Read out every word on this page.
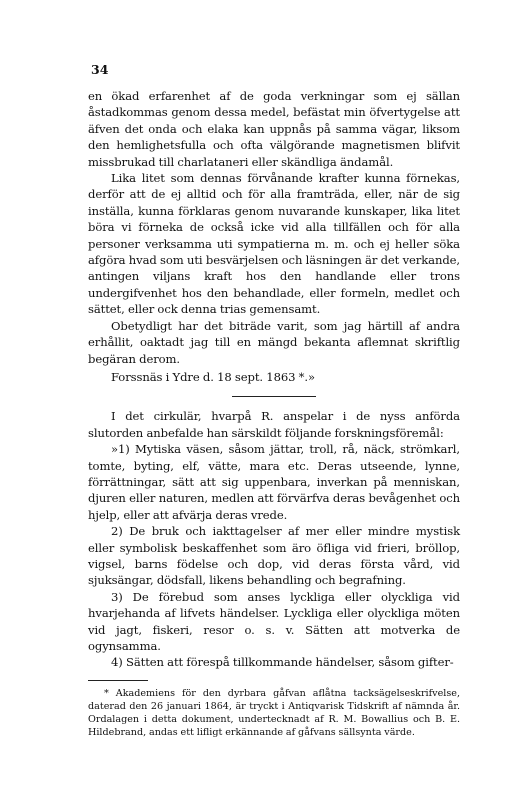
34

en ökad erfarenhet af de goda verkningar som ej sällan åstadkommas genom dessa medel, befästat min öfvertygelse att äfven det onda och elaka kan uppnås på samma vägar, liksom den hemlighetsfulla och ofta välgörande magnetismen blifvit missbrukad till charlataneri eller skändliga ändamål.

Lika litet som dennas förvånande krafter kunna förnekas, derför att de ej alltid och för alla framträda, eller, när de sig inställa, kunna förklaras genom nuvarande kunskaper, lika litet böra vi förneka de också icke vid alla tillfällen och för alla personer verksamma uti sympatierna m. m. och ej heller söka afgöra hvad som uti besvärjelsen och läsningen är det verkande, antingen viljans kraft hos den handlande eller trons undergifvenhet hos den behandlade, eller formeln, medlet och sättet, eller ock denna trias gemensamt.

Obetydligt har det biträde varit, som jag härtill af andra erhållit, oaktadt jag till en mängd bekanta aflemnat skriftlig begäran derom.

Forssnäs i Ydre d. 18 sept. 1863 *.»

I det cirkulär, hvarpå R. anspelar i de nyss anförda slutorden anbefalde han särskildt följande forskningsföremål:

»1) Mytiska väsen, såsom jättar, troll, rå, näck, strömkarl, tomte, byting, elf, vätte, mara etc. Deras utseende, lynne, förrättningar, sätt att sig uppenbara, inverkan på menniskan, djuren eller naturen, medlen att förvärfva deras bevågenhet och hjelp, eller att afvärja deras vrede.

2) De bruk och iakttagelser af mer eller mindre mystisk eller symbolisk beskaffenhet som äro öfliga vid frieri, bröllop, vigsel, barns födelse och dop, vid deras första vård, vid sjuksängar, dödsfall, likens behandling och begrafning.

3) De förebud som anses lyckliga eller olyckliga vid hvarjehanda af lifvets händelser. Lyckliga eller olyckliga möten vid jagt, fiskeri, resor o. s. v. Sätten att motverka de ogynsamma.

4) Sätten att förespå tillkommande händelser, såsom gifter-

* Akademiens för den dyrbara gåfvan aflåtna tacksägelseskrifvelse, daterad den 26 januari 1864, är tryckt i Antiqvarisk Tidskrift af nämnda år. Ordalagen i detta dokument, undertecknadt af R. M. Bowallius och B. E. Hildebrand, andas ett lifligt erkännande af gåfvans sällsynta värde.
